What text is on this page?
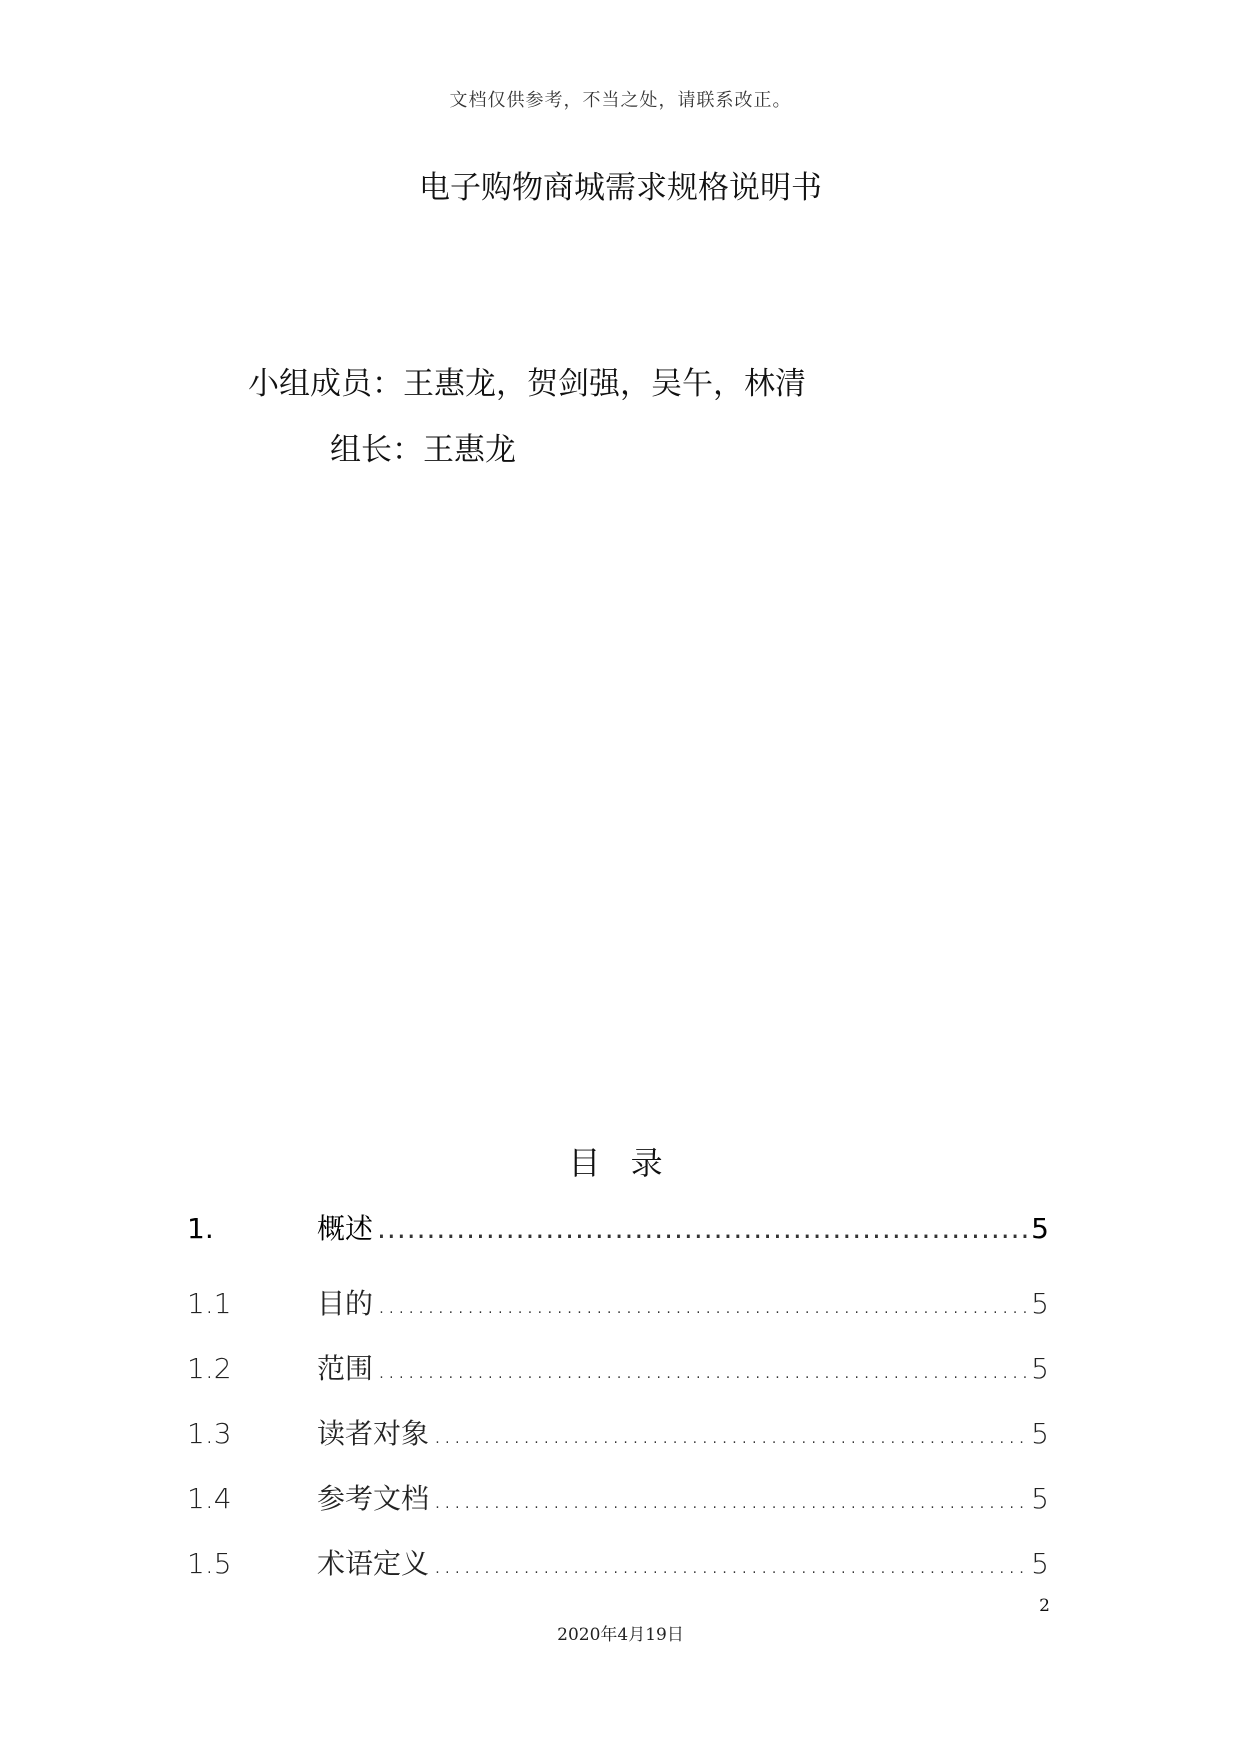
文档仅供参考，不当之处，请联系改正。
电子购物商城需求规格说明书
小组成员：王惠龙，贺剑强，吴午，林清
组长：王惠龙
目 录
1.	概述 .....	5
1.1	目的 .....	5
1.2	范围 .....	5
1.3	读者对象 .....	5
1.4	参考文档 .....	5
1.5	术语定义 .....	5
2
2020年4月19日
